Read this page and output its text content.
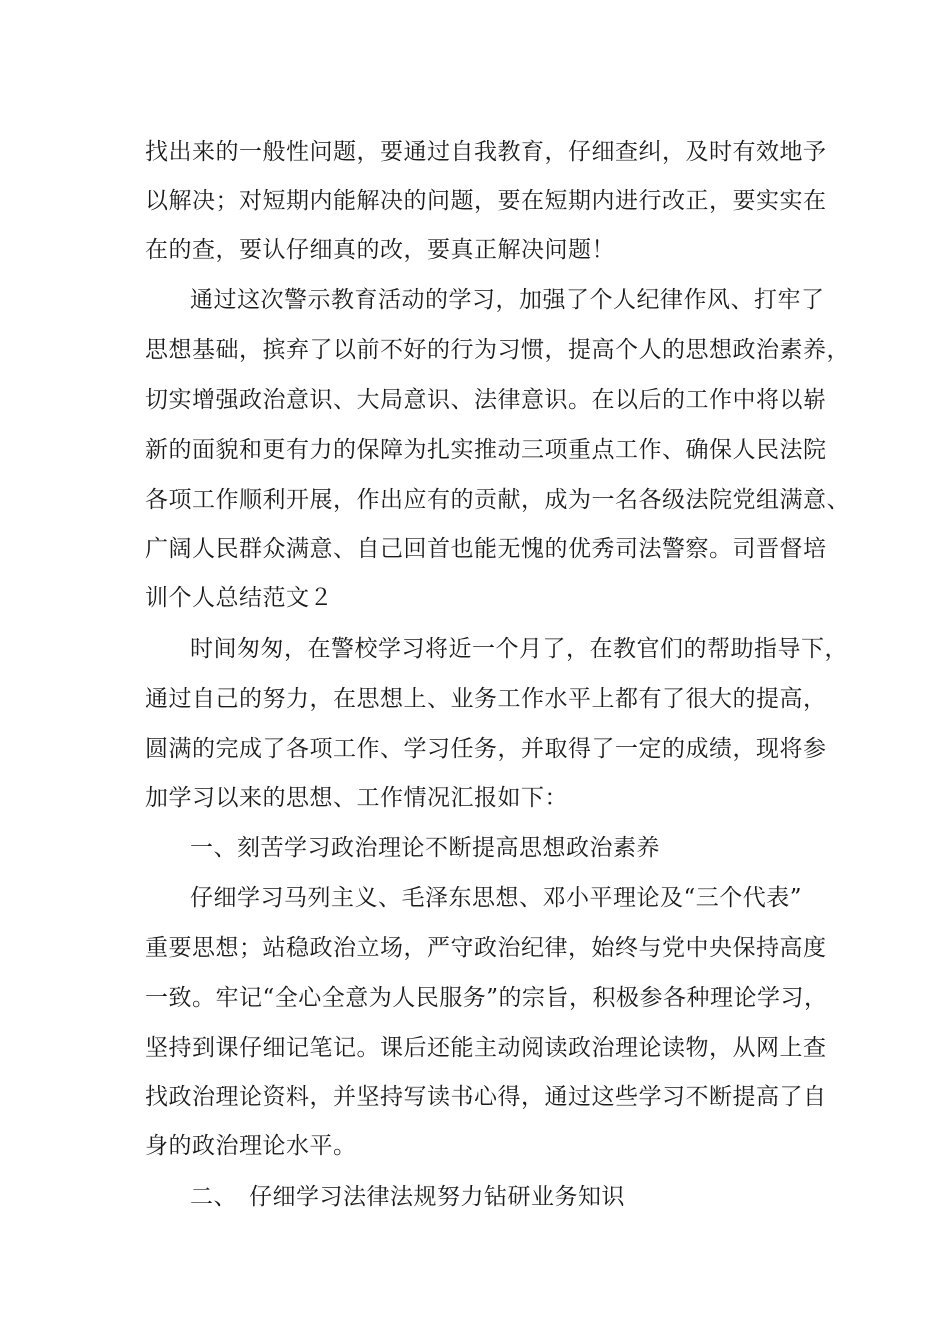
找出来的一般性问题，要通过自我教育，仔细查纠，及时有效地予

以解决；对短期内能解决的问题，要在短期内进行改正，要实实在

在的查，要认仔细真的改，要真正解决问题！

通过这次警示教育活动的学习，加强了个人纪律作风、打牢了

思想基础，摈弃了以前不好的行为习惯，提高个人的思想政治素养，

切实增强政治意识、大局意识、法律意识。在以后的工作中将以崭

新的面貌和更有力的保障为扎实推动三项重点工作、确保人民法院

各项工作顺利开展，作出应有的贡献，成为一名各级法院党组满意、

广阔人民群众满意、自己回首也能无愧的优秀司法警察。司晋督培

训个人总结范文２

时间匆匆，在警校学习将近一个月了，在教官们的帮助指导下，

通过自己的努力，在思想上、业务工作水平上都有了很大的提高，

圆满的完成了各项工作、学习任务，并取得了一定的成绩，现将参

加学习以来的思想、工作情况汇报如下：

一、刻苦学习政治理论不断提高思想政治素养

仔细学习马列主义、毛泽东思想、邓小平理论及“三个代表”

重要思想；站稳政治立场，严守政治纪律，始终与党中央保持高度

一致。牢记“全心全意为人民服务”的宗旨，积极参各种理论学习，

坚持到课仔细记笔记。课后还能主动阅读政治理论读物，从网上查

找政治理论资料，并坚持写读书心得，通过这些学习不断提高了自

身的政治理论水平。

二、　仔细学习法律法规努力钻研业务知识
